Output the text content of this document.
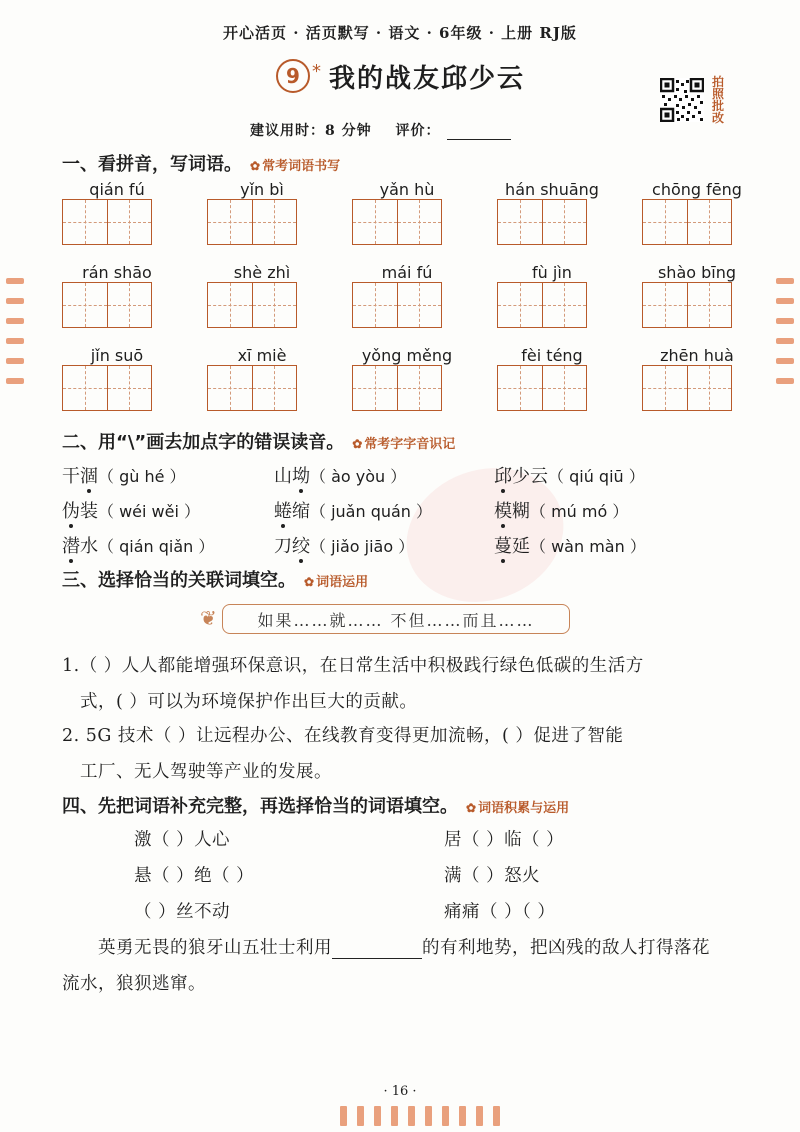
开心活页 · 活页默写 · 语文 · 6年级 · 上册 RJ版
9 * 我的战友邱少云	拍
照
批
改
建议用时：8 分钟 评价：
一、看拼音，写词语。 ✿ 常考词语书写
qián fú	yǐn bì	yǎn hù	hán shuāng	chōng fēng
rán shāo	shè zhì	mái fú	fù jìn	shào bīng
jǐn suō	xī miè	yǒng měng	fèi téng	zhēn huà
二、用“\”画去加点字的错误读音。 ✿ 常考字字音识记
干涸（ gù hé ）	山坳（ ào yòu ）	邱少云（ qiú qiū ）
伪装（ wéi wěi ）	蜷缩（ juǎn quán ）	模糊（ mú mó ）
潜水（ qián qiǎn ）	刀绞（ jiǎo jiāo ）	蔓延（ wàn màn ）
三、选择恰当的关联词填空。 ✿ 词语运用
❦	如果……就…… 不但……而且……
1.（ ）人人都能增强环保意识，在日常生活中积极践行绿色低碳的生活方
式，( ）可以为环境保护作出巨大的贡献。
2. 5G 技术（ ）让远程办公、在线教育变得更加流畅，( ）促进了智能
工厂、无人驾驶等产业的发展。
四、先把词语补充完整，再选择恰当的词语填空。 ✿ 词语积累与运用
激（ ）人心	居（ ）临（ ）
悬（ ）绝（ ）	满（ ）怒火
（ ）丝不动	痛痛（ ）（ ）
英勇无畏的狼牙山五壮士利用	的有利地势，把凶残的敌人打得落花
流水，狼狈逃窜。
· 16 ·
